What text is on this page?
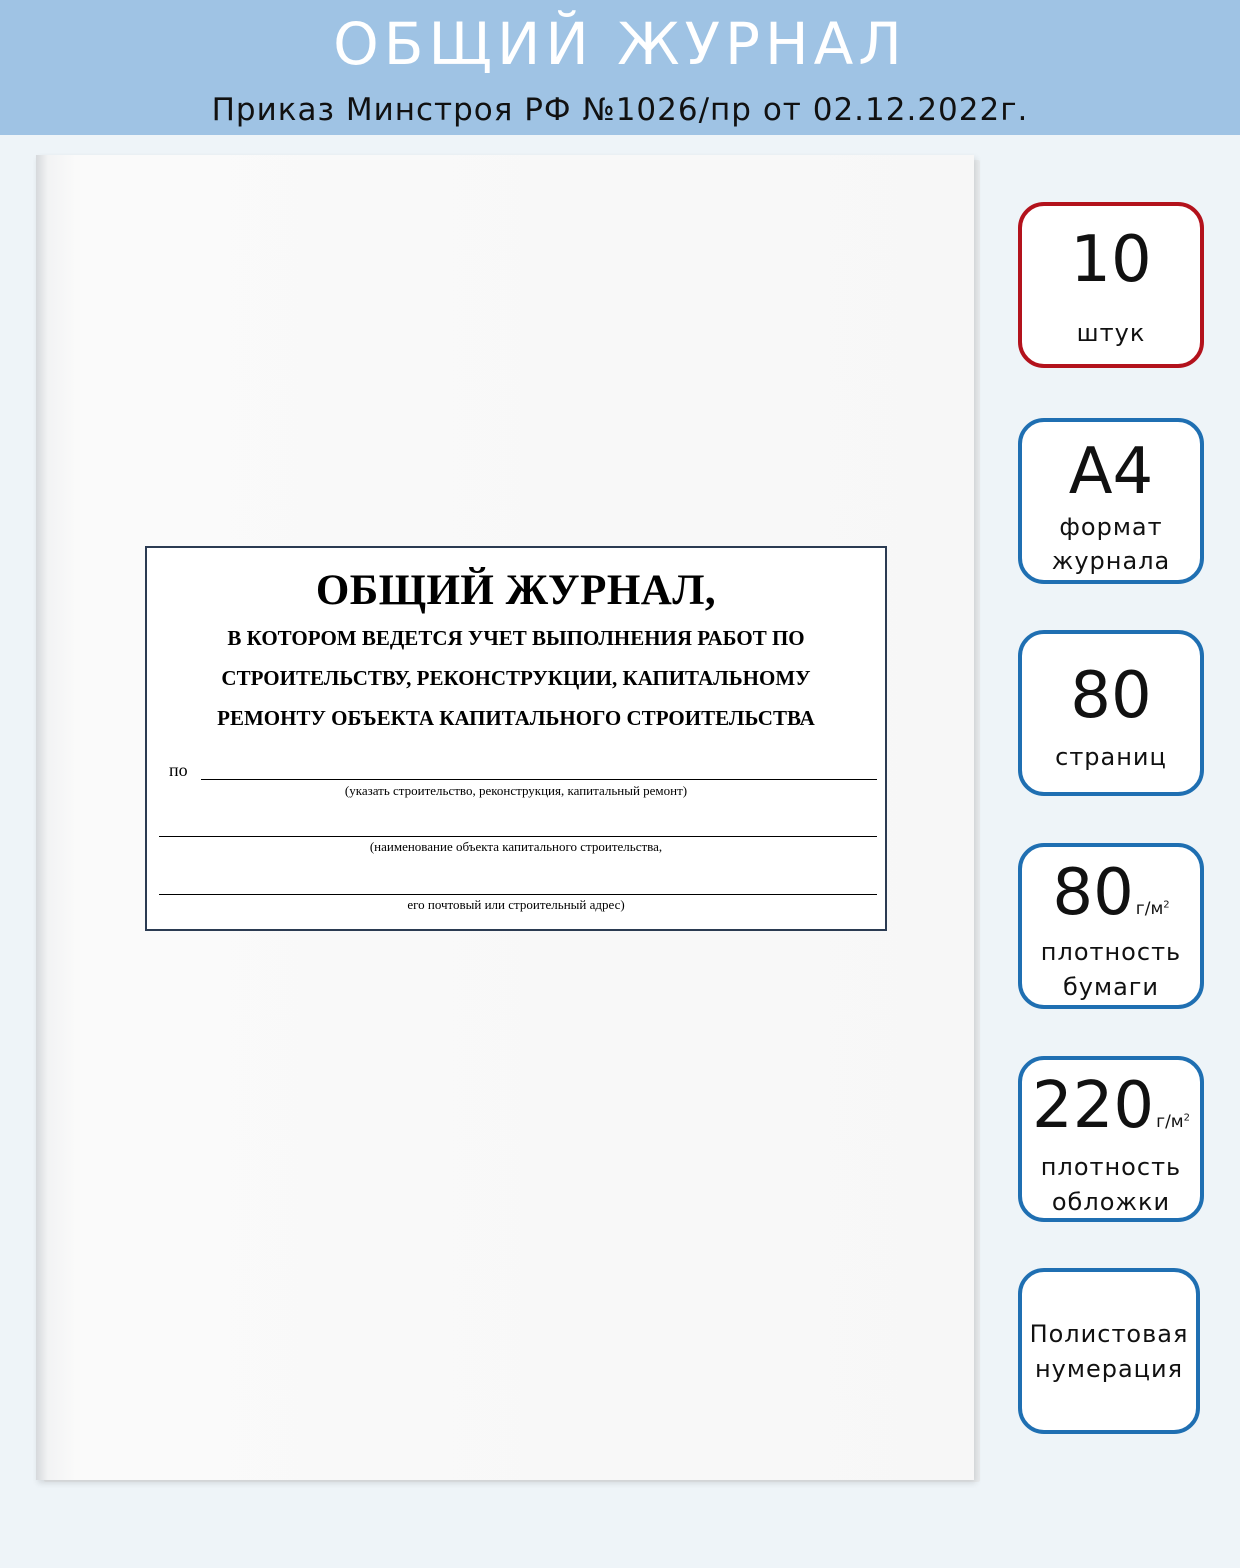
ОБЩИЙ ЖУРНАЛ
Приказ Минстроя РФ №1026/пр от 02.12.2022г.
ОБЩИЙ ЖУРНАЛ,
В КОТОРОМ ВЕДЕТСЯ УЧЕТ ВЫПОЛНЕНИЯ РАБОТ ПО
СТРОИТЕЛЬСТВУ, РЕКОНСТРУКЦИИ, КАПИТАЛЬНОМУ
РЕМОНТУ ОБЪЕКТА КАПИТАЛЬНОГО СТРОИТЕЛЬСТВА
по
(указать строительство, реконструкция, капитальный ремонт)
(наименование объекта капитального строительства,
его почтовый или строительный адрес)
10
штук
А4
формат
журнала
80
страниц
80 $г/м^2$
плотность
бумаги
220 $г/м^2$
плотность
обложки
Полистовая
нумерация
